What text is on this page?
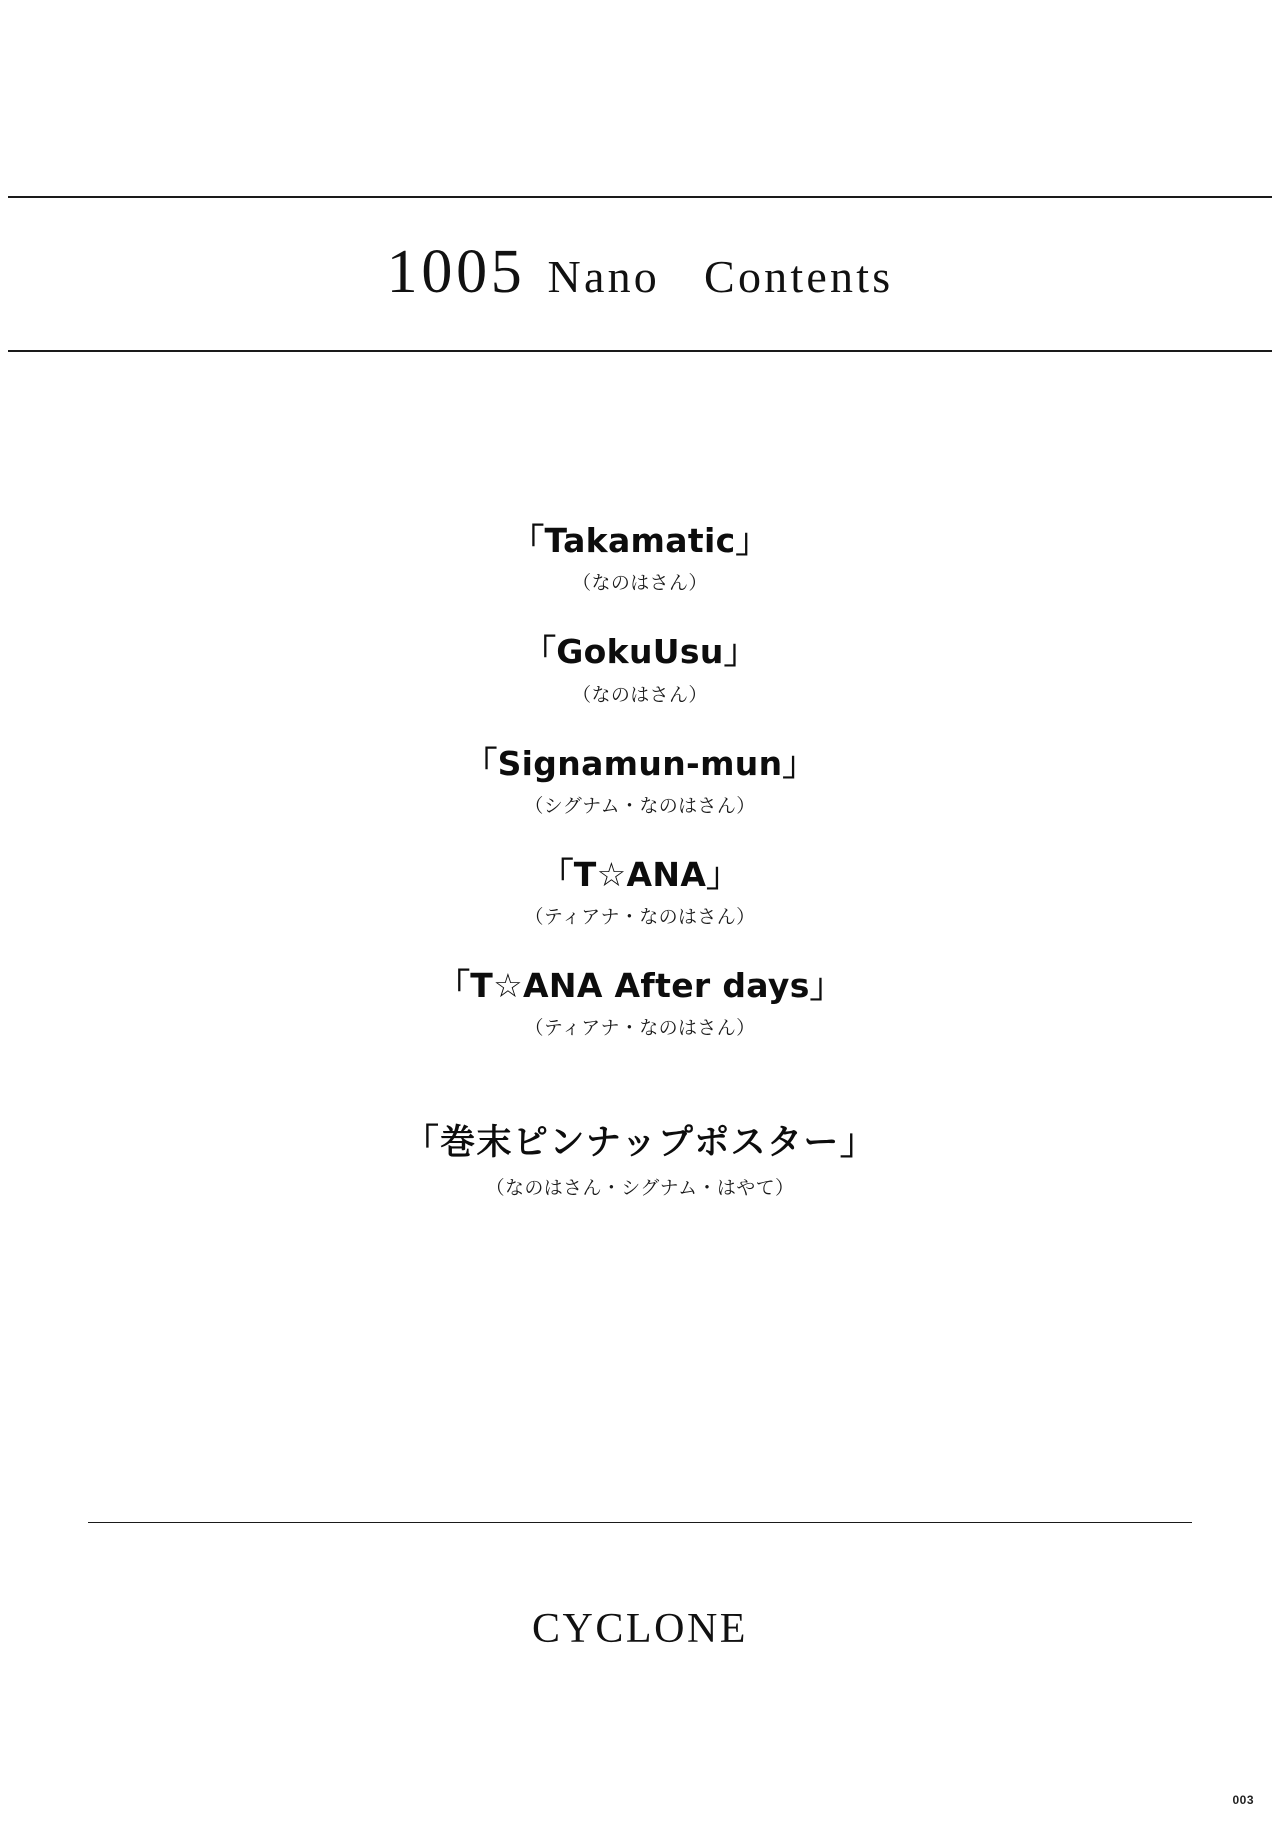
1005 Nano Contents
「Takamatic」
（なのはさん）
「GokuUsu」
（なのはさん）
「Signamun-mun」
（シグナム・なのはさん）
「T☆ANA」
（ティアナ・なのはさん）
「T☆ANA After days」
（ティアナ・なのはさん）
「巻末ピンナップポスター」
（なのはさん・シグナム・はやて）
CYCLONE
003
